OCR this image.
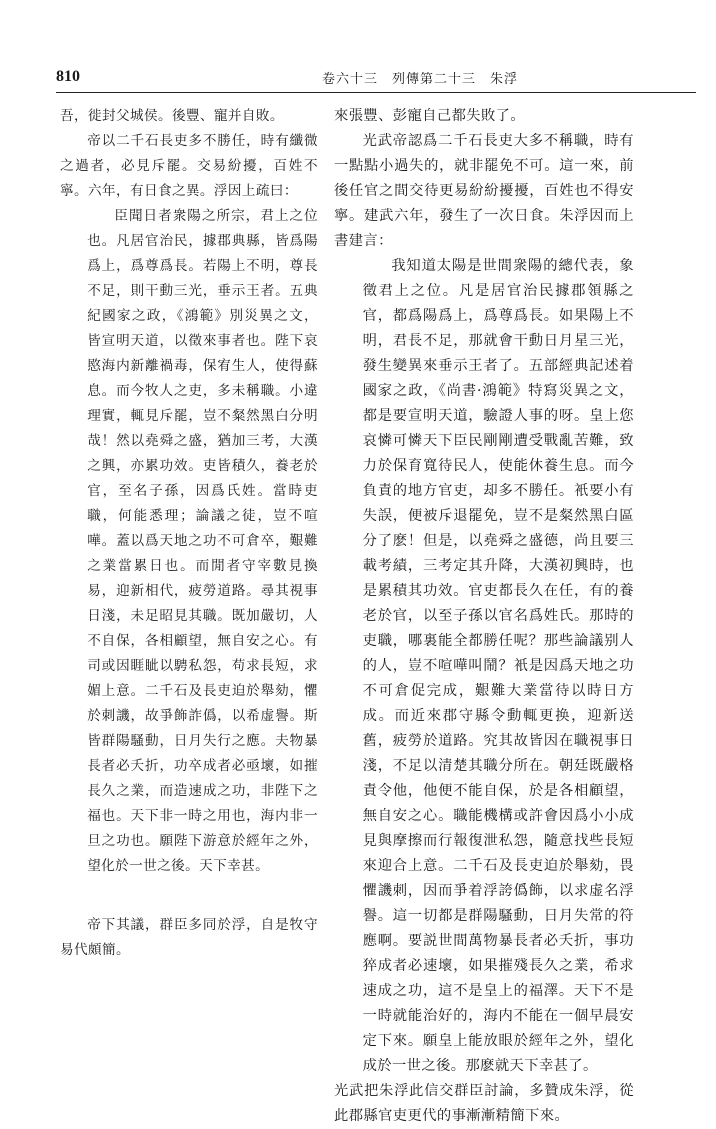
810	卷六十三　列傳第二十三　朱浮

吾，徙封父城侯。後豐、寵并自敗。

帝以二千石長吏多不勝任，時有纖微之過者，必見斥罷。交易紛擾，百姓不寧。六年，有日食之異。浮因上疏曰：

臣聞日者衆陽之所宗，君上之位也。凡居官治民，據郡典縣，皆爲陽爲上，爲尊爲長。若陽上不明，尊長不足，則干動三光，垂示王者。五典紀國家之政，《鴻範》別災異之文，皆宣明天道，以徵來事者也。陛下哀愍海内新離禍毒，保宥生人，使得蘇息。而今牧人之吏，多未稱職。小違理實，輒見斥罷，豈不粲然黑白分明哉！然以堯舜之盛，猶加三考，大漢之興，亦累功效。吏皆積久，養老於官，至名子孫，因爲氏姓。當時吏職，何能悉理；論議之徒，豈不喧嘩。蓋以爲天地之功不可倉卒，艱難之業當累日也。而閒者守宰數見換易，迎新相代，疲勞道路。尋其視事日淺，未足昭見其職。既加嚴切，人不自保，各相顧望，無自安之心。有司或因睚眦以騁私怨，苟求長短，求媚上意。二千石及長吏迫於舉劾，懼於刺譏，故爭飾詐僞，以希虚譽。斯皆群陽騷動，日月失行之應。夫物暴長者必夭折，功卒成者必亟壞，如摧長久之業，而造速成之功，非陛下之福也。天下非一時之用也，海内非一旦之功也。願陛下游意於經年之外，望化於一世之後。天下幸甚。

帝下其議，群臣多同於浮，自是牧守易代頗簡。

來張豐、彭寵自己都失敗了。

光武帝認爲二千石長吏大多不稱職，時有一點點小過失的，就非罷免不可。這一來，前後任官之間交待更易紛紛擾擾，百姓也不得安寧。建武六年，發生了一次日食。朱浮因而上書建言：

我知道太陽是世間衆陽的總代表，象徵君上之位。凡是居官治民據郡領縣之官，都爲陽爲上，爲尊爲長。如果陽上不明，君長不足，那就會干動日月星三光，發生變異來垂示王者了。五部經典記述着國家之政，《尚書·鴻範》特寫災異之文，都是要宣明天道，驗證人事的呀。皇上您哀憐可憐天下臣民剛剛遭受戰亂苦難，致力於保育寬待民人，使能休養生息。而今負責的地方官吏，却多不勝任。衹要小有失誤，便被斥退罷免，豈不是粲然黑白區分了麽！但是，以堯舜之盛德，尚且要三載考績，三考定其升降，大漢初興時，也是累積其功效。官吏都長久在任，有的養老於官，以至子孫以官名爲姓氏。那時的吏職，哪裏能全都勝任呢？那些論議别人的人，豈不喧嘩叫鬧？衹是因爲天地之功不可倉促完成，艱難大業當待以時日方成。而近來郡守縣令動輒更换，迎新送舊，疲勞於道路。究其故皆因在職視事日淺，不足以清楚其職分所在。朝廷既嚴格責令他，他便不能自保，於是各相顧望，無自安之心。職能機構或許會因爲小小成見與摩擦而行報復泄私怨，隨意找些長短來迎合上意。二千石及長吏迫於舉劾，畏懼譏刺，因而爭着浮誇僞飾，以求虚名浮譽。這一切都是群陽騷動，日月失常的符應啊。要説世間萬物暴長者必夭折，事功猝成者必速壞，如果摧殘長久之業，希求速成之功，這不是皇上的福澤。天下不是一時就能治好的，海内不能在一個早晨安定下來。願皇上能放眼於經年之外，望化成於一世之後。那麽就天下幸甚了。

光武把朱浮此信交群臣討論，多贊成朱浮，從此郡縣官吏更代的事漸漸精簡下來。
